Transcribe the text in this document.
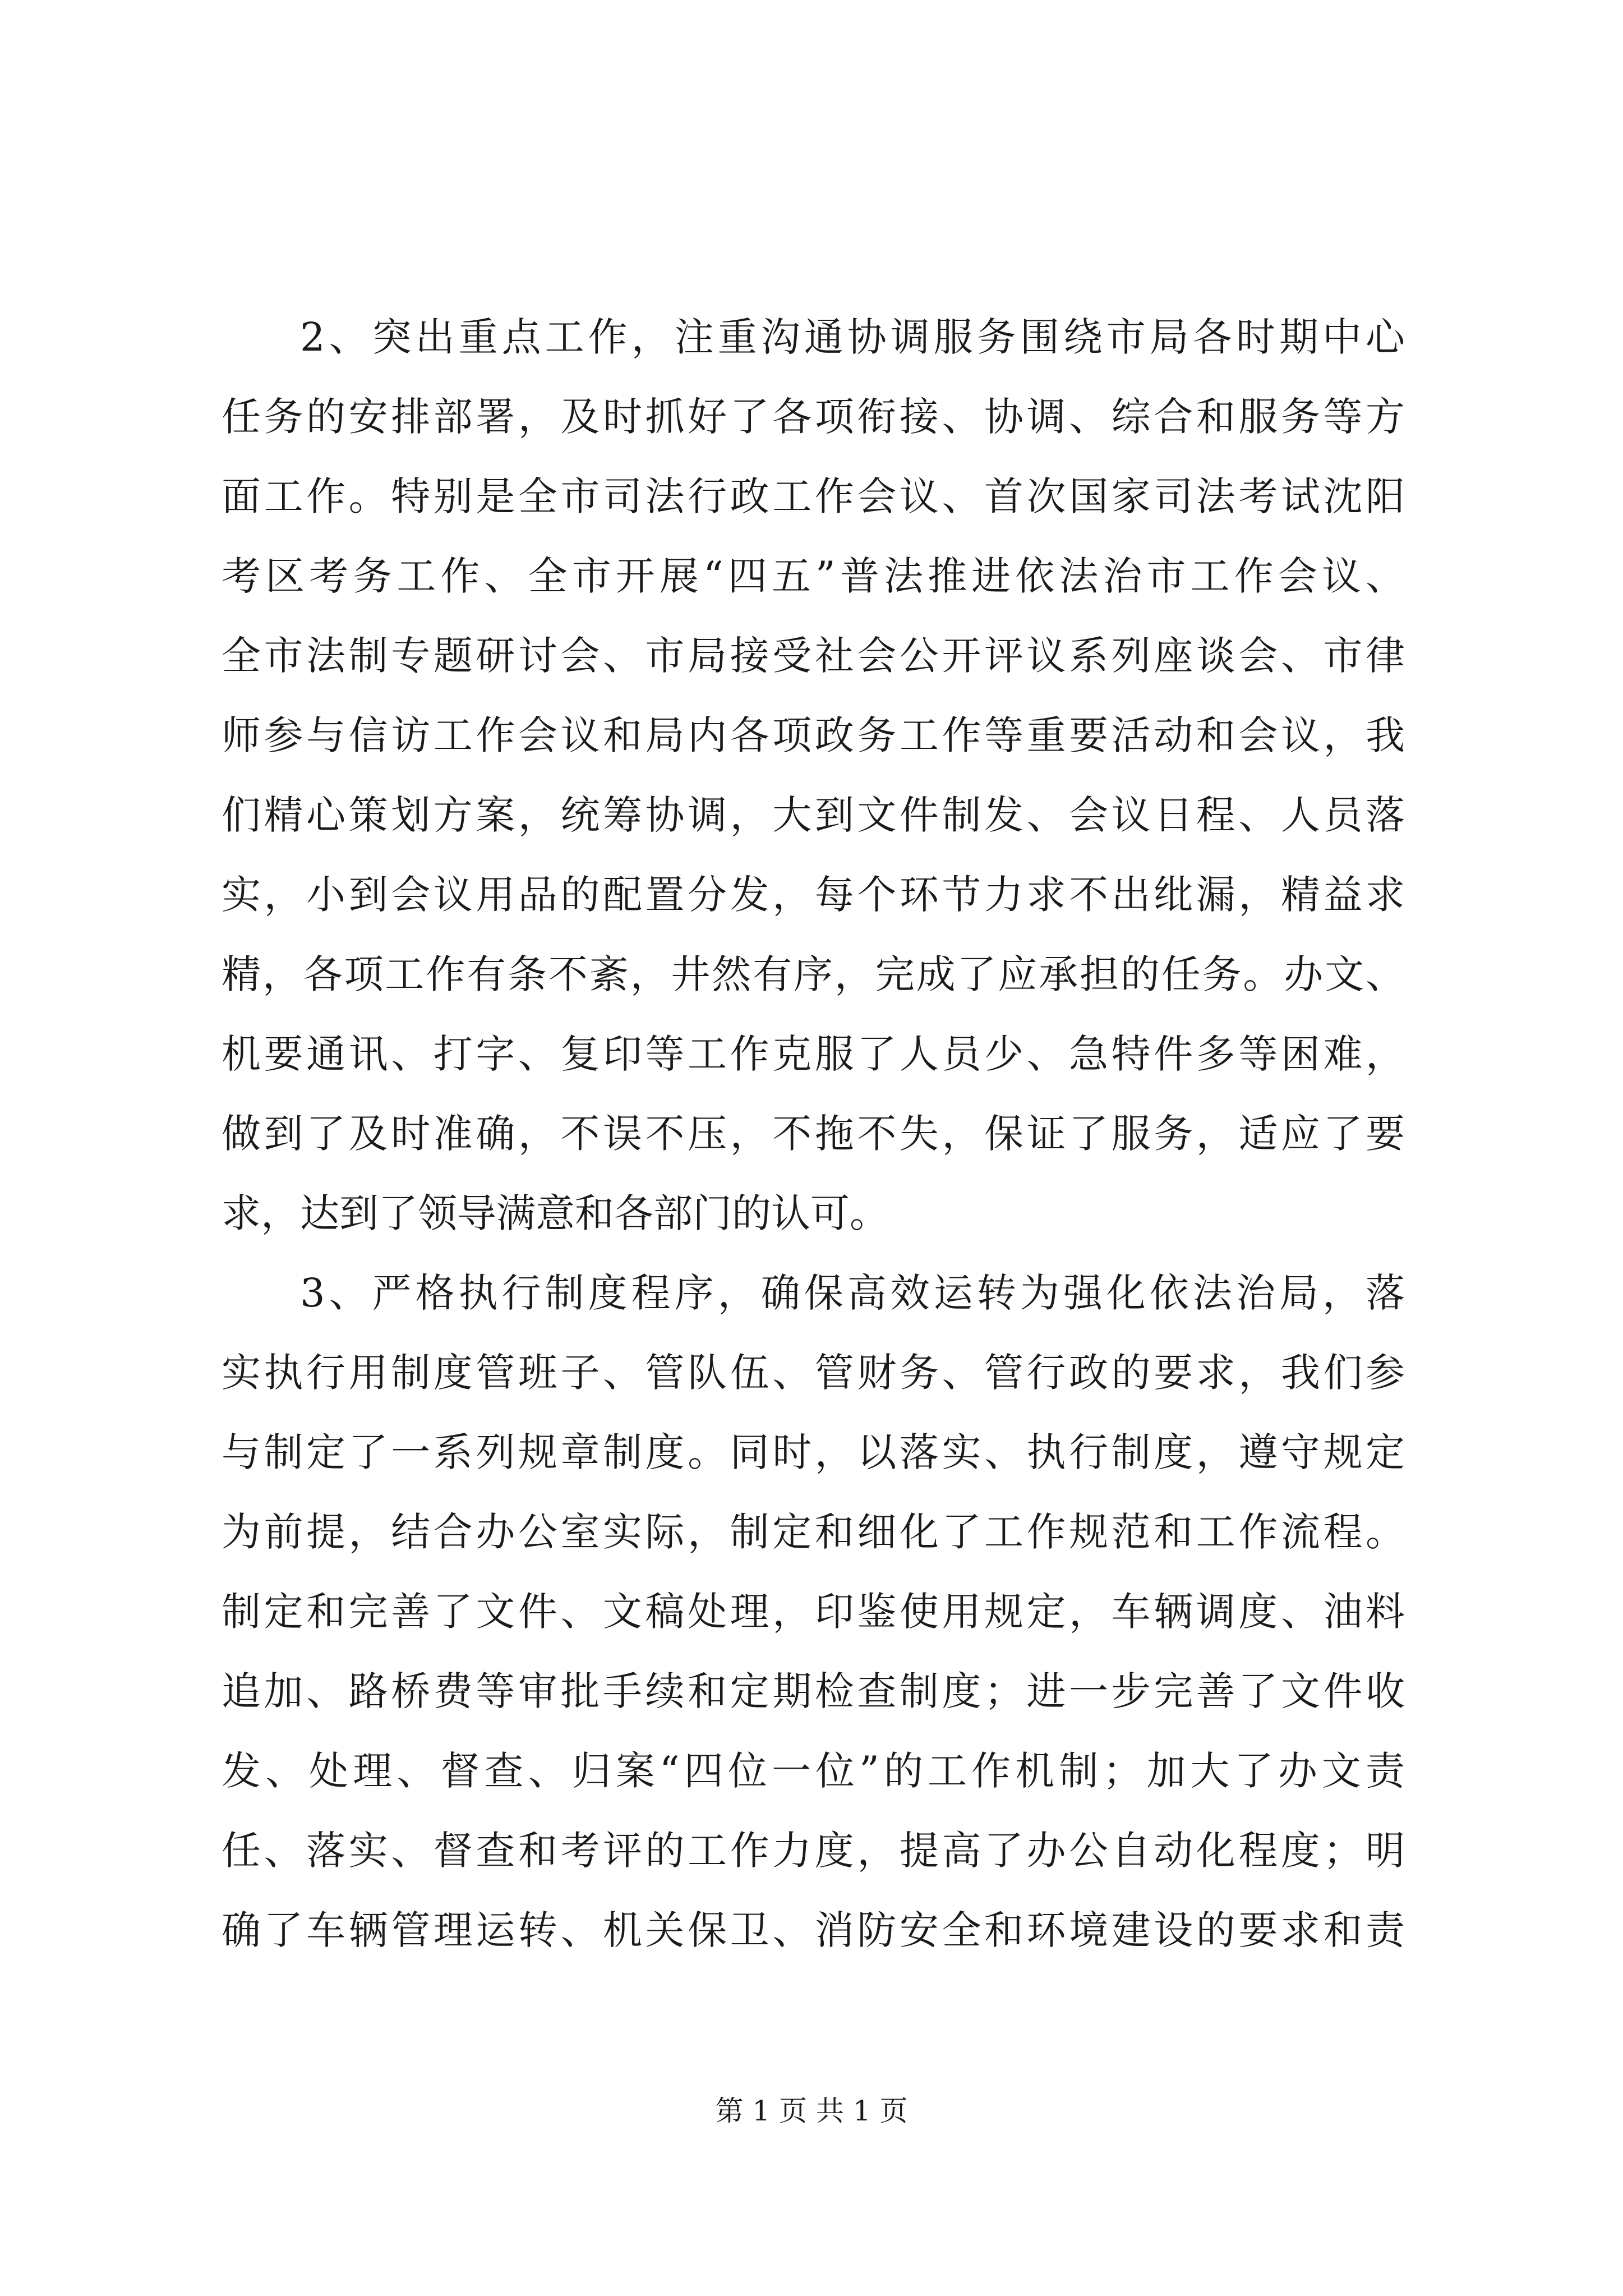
2、突出重点工作，注重沟通协调服务围绕市局各时期中心
任务的安排部署，及时抓好了各项衔接、协调、综合和服务等方
面工作。特别是全市司法行政工作会议、首次国家司法考试沈阳
考区考务工作、全市开展“四五”普法推进依法治市工作会议、
全市法制专题研讨会、市局接受社会公开评议系列座谈会、市律
师参与信访工作会议和局内各项政务工作等重要活动和会议，我
们精心策划方案，统筹协调，大到文件制发、会议日程、人员落
实，小到会议用品的配置分发，每个环节力求不出纰漏，精益求
精，各项工作有条不紊，井然有序，完成了应承担的任务。办文、
机要通讯、打字、复印等工作克服了人员少、急特件多等困难，
做到了及时准确，不误不压，不拖不失，保证了服务，适应了要
求，达到了领导满意和各部门的认可。
3、严格执行制度程序，确保高效运转为强化依法治局，落
实执行用制度管班子、管队伍、管财务、管行政的要求，我们参
与制定了一系列规章制度。同时，以落实、执行制度，遵守规定
为前提，结合办公室实际，制定和细化了工作规范和工作流程。
制定和完善了文件、文稿处理，印鉴使用规定，车辆调度、油料
追加、路桥费等审批手续和定期检查制度；进一步完善了文件收
发、处理、督查、归案“四位一位”的工作机制；加大了办文责
任、落实、督查和考评的工作力度，提高了办公自动化程度；明
确了车辆管理运转、机关保卫、消防安全和环境建设的要求和责
第 1 页 共 1 页
